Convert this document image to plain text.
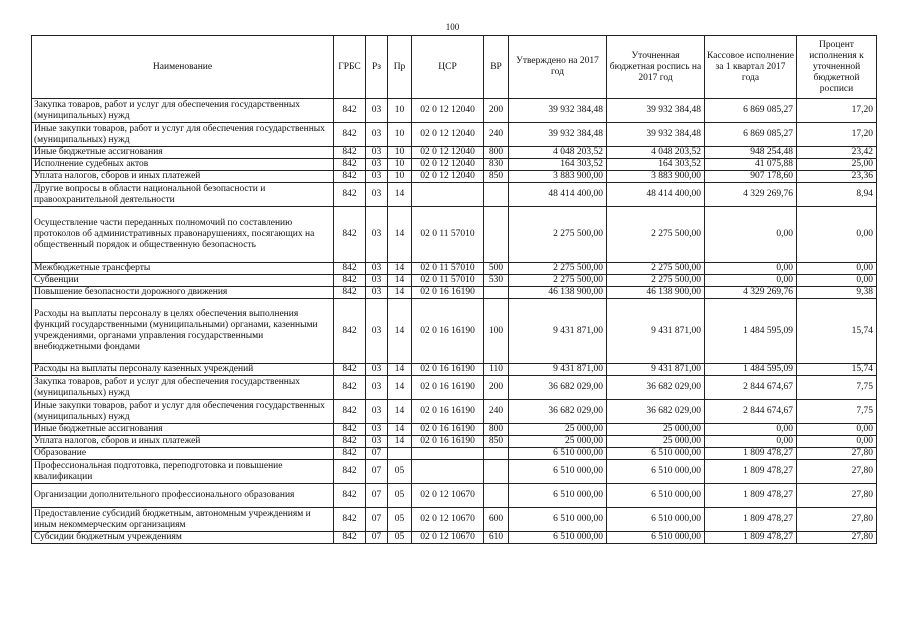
100
Наименование	ГРБС	Рз	Пр	ЦСР	ВР	Утверждено на 2017 год	Уточненная бюджетная роспись на 2017 год	Кассовое исполнение за 1 квартал 2017 года	Процент исполнения к уточненной бюджетной росписи
Закупка товаров, работ и услуг для обеспечения государственных (муниципальных) нужд	842	03	10	02 0 12 12040	200	39 932 384,48	39 932 384,48	6 869 085,27	17,20
Иные закупки товаров, работ и услуг для обеспечения государственных (муниципальных) нужд	842	03	10	02 0 12 12040	240	39 932 384,48	39 932 384,48	6 869 085,27	17,20
Иные бюджетные ассигнования	842	03	10	02 0 12 12040	800	4 048 203,52	4 048 203,52	948 254,48	23,42
Исполнение судебных актов	842	03	10	02 0 12 12040	830	164 303,52	164 303,52	41 075,88	25,00
Уплата налогов, сборов и иных платежей	842	03	10	02 0 12 12040	850	3 883 900,00	3 883 900,00	907 178,60	23,36
Другие вопросы в области национальной безопасности и правоохранительной деятельности	842	03	14			48 414 400,00	48 414 400,00	4 329 269,76	8,94
Осуществление части переданных полномочий по составлению протоколов об административных правонарушениях, посягающих на общественный порядок и общественную безопасность	842	03	14	02 0 11 57010		2 275 500,00	2 275 500,00	0,00	0,00
Межбюджетные трансферты	842	03	14	02 0 11 57010	500	2 275 500,00	2 275 500,00	0,00	0,00
Субвенции	842	03	14	02 0 11 57010	530	2 275 500,00	2 275 500,00	0,00	0,00
Повышение безопасности дорожного движения	842	03	14	02 0 16 16190		46 138 900,00	46 138 900,00	4 329 269,76	9,38
Расходы на выплаты персоналу в целях обеспечения выполнения функций государственными (муниципальными) органами, казенными учреждениями, органами управления государственными внебюджетными фондами	842	03	14	02 0 16 16190	100	9 431 871,00	9 431 871,00	1 484 595,09	15,74
Расходы на выплаты персоналу казенных учреждений	842	03	14	02 0 16 16190	110	9 431 871,00	9 431 871,00	1 484 595,09	15,74
Закупка товаров, работ и услуг для обеспечения государственных (муниципальных) нужд	842	03	14	02 0 16 16190	200	36 682 029,00	36 682 029,00	2 844 674,67	7,75
Иные закупки товаров, работ и услуг для обеспечения государственных (муниципальных) нужд	842	03	14	02 0 16 16190	240	36 682 029,00	36 682 029,00	2 844 674,67	7,75
Иные бюджетные ассигнования	842	03	14	02 0 16 16190	800	25 000,00	25 000,00	0,00	0,00
Уплата налогов, сборов и иных платежей	842	03	14	02 0 16 16190	850	25 000,00	25 000,00	0,00	0,00
Образование	842	07				6 510 000,00	6 510 000,00	1 809 478,27	27,80
Профессиональная подготовка, переподготовка и повышение квалификации	842	07	05			6 510 000,00	6 510 000,00	1 809 478,27	27,80
Организации дополнительного профессионального образования	842	07	05	02 0 12 10670		6 510 000,00	6 510 000,00	1 809 478,27	27,80
Предоставление субсидий бюджетным, автономным учреждениям и иным некоммерческим организациям	842	07	05	02 0 12 10670	600	6 510 000,00	6 510 000,00	1 809 478,27	27,80
Субсидии бюджетным учреждениям	842	07	05	02 0 12 10670	610	6 510 000,00	6 510 000,00	1 809 478,27	27,80
